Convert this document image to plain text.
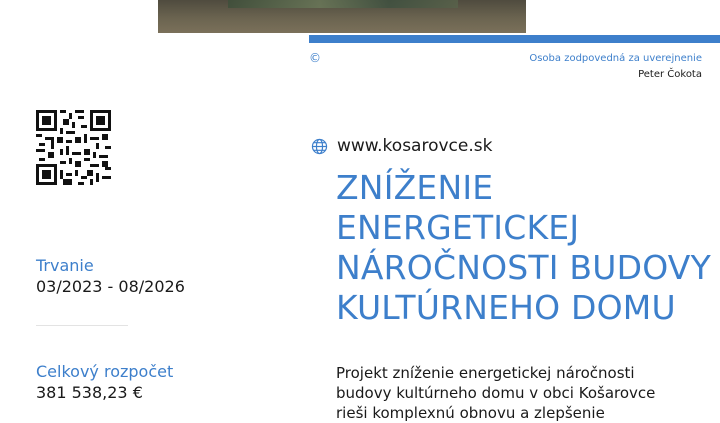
©	Osoba zodpovedná za uverejnenie
Peter Čokota
www.kosarovce.sk
ZNÍŽENIE
ENERGETICKEJ
NÁROČNOSTI BUDOVY
KULTÚRNEHO DOMU
Trvanie
03/2023 - 08/2026
Celkový rozpočet
381 538,23 €
Projekt zníženie energetickej náročnosti
budovy kultúrneho domu v obci Košarovce
rieši komplexnú obnovu a zlepšenie
